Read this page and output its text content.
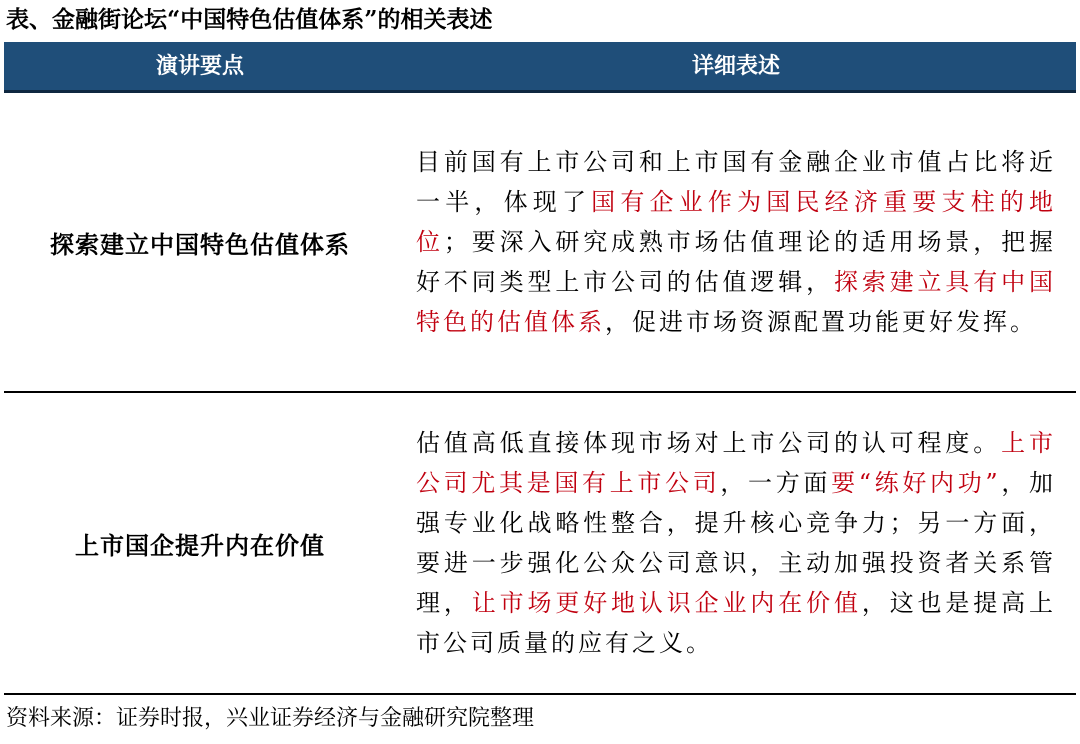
表、金融街论坛“中国特色估值体系”的相关表述
演讲要点	详细表述
探索建立中国特色估值体系
目前国有上市公司和上市国有金融企业市值占比将近一半，体现了国有企业作为国民经济重要支柱的地位；要深入研究成熟市场估值理论的适用场景，把握好不同类型上市公司的估值逻辑，探索建立具有中国特色的估值体系，促进市场资源配置功能更好发挥。
上市国企提升内在价值
估值高低直接体现市场对上市公司的认可程度。上市公司尤其是国有上市公司，一方面要“练好内功”，加强专业化战略性整合，提升核心竞争力；另一方面，要进一步强化公众公司意识，主动加强投资者关系管理，让市场更好地认识企业内在价值，这也是提高上市公司质量的应有之义。
资料来源：证券时报，兴业证券经济与金融研究院整理
